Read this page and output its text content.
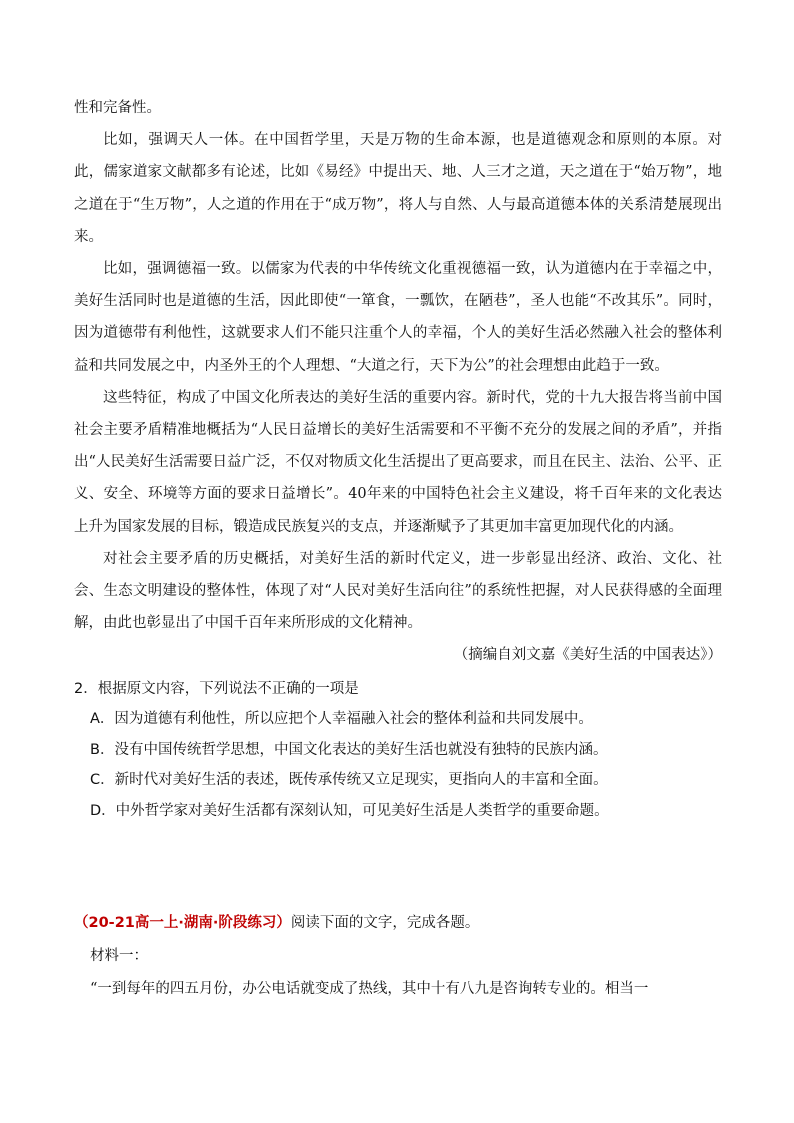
性和完备性。

比如，强调天人一体。在中国哲学里，天是万物的生命本源，也是道德观念和原则的本原。对此，儒家道家文献都多有论述，比如《易经》中提出天、地、人三才之道，天之道在于“始万物”，地之道在于“生万物”，人之道的作用在于“成万物”，将人与自然、人与最高道德本体的关系清楚展现出来。

比如，强调德福一致。以儒家为代表的中华传统文化重视德福一致，认为道德内在于幸福之中，美好生活同时也是道德的生活，因此即使“一箪食，一瓢饮，在陋巷”，圣人也能“不改其乐”。同时，因为道德带有利他性，这就要求人们不能只注重个人的幸福，个人的美好生活必然融入社会的整体利益和共同发展之中，内圣外王的个人理想、“大道之行，天下为公”的社会理想由此趋于一致。

这些特征，构成了中国文化所表达的美好生活的重要内容。新时代，党的十九大报告将当前中国社会主要矛盾精准地概括为“人民日益增长的美好生活需要和不平衡不充分的发展之间的矛盾”，并指出“人民美好生活需要日益广泛，不仅对物质文化生活提出了更高要求，而且在民主、法治、公平、正义、安全、环境等方面的要求日益增长”。40年来的中国特色社会主义建设，将千百年来的文化表达上升为国家发展的目标，锻造成民族复兴的支点，并逐渐赋予了其更加丰富更加现代化的内涵。

对社会主要矛盾的历史概括，对美好生活的新时代定义，进一步彰显出经济、政治、文化、社会、生态文明建设的整体性，体现了对“人民对美好生活向往”的系统性把握，对人民获得感的全面理解，由此也彰显出了中国千百年来所形成的文化精神。

（摘编自刘文嘉《美好生活的中国表达》）

2．根据原文内容，下列说法不正确的一项是

A．因为道德有利他性，所以应把个人幸福融入社会的整体利益和共同发展中。

B．没有中国传统哲学思想，中国文化表达的美好生活也就没有独特的民族内涵。

C．新时代对美好生活的表述，既传承传统又立足现实，更指向人的丰富和全面。

D．中外哲学家对美好生活都有深刻认知，可见美好生活是人类哲学的重要命题。

（20-21高一上·湖南·阶段练习）阅读下面的文字，完成各题。

材料一：

“一到每年的四五月份，办公电话就变成了热线，其中十有八九是咨询转专业的。相当一
